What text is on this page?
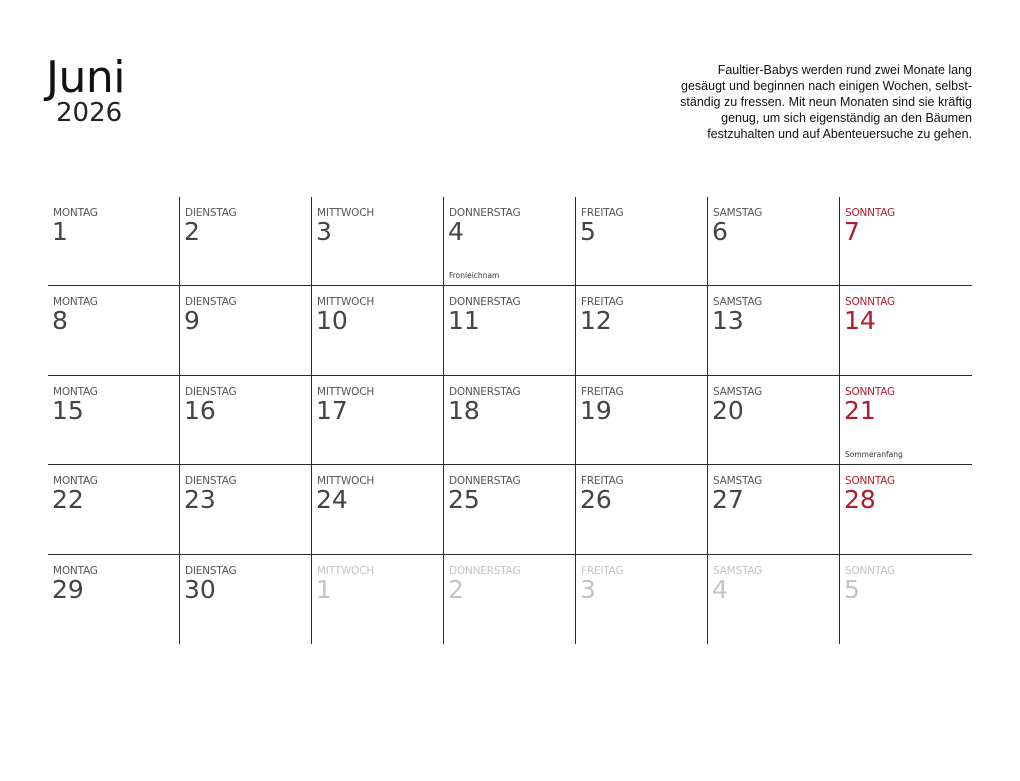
Juni
2026
Faultier-Babys werden rund zwei Monate lang
gesäugt und beginnen nach einigen Wochen, selbst-
ständig zu fressen. Mit neun Monaten sind sie kräftig
genug, um sich eigenständig an den Bäumen
festzuhalten und auf Abenteuersuche zu gehen.
MONTAG
1
DIENSTAG
2
MITTWOCH
3
DONNERSTAG
4
Fronleichnam
FREITAG
5
SAMSTAG
6
SONNTAG
7
MONTAG
8
DIENSTAG
9
MITTWOCH
10
DONNERSTAG
11
FREITAG
12
SAMSTAG
13
SONNTAG
14
MONTAG
15
DIENSTAG
16
MITTWOCH
17
DONNERSTAG
18
FREITAG
19
SAMSTAG
20
SONNTAG
21
Sommeranfang
MONTAG
22
DIENSTAG
23
MITTWOCH
24
DONNERSTAG
25
FREITAG
26
SAMSTAG
27
SONNTAG
28
MONTAG
29
DIENSTAG
30
MITTWOCH
1
DONNERSTAG
2
FREITAG
3
SAMSTAG
4
SONNTAG
5
